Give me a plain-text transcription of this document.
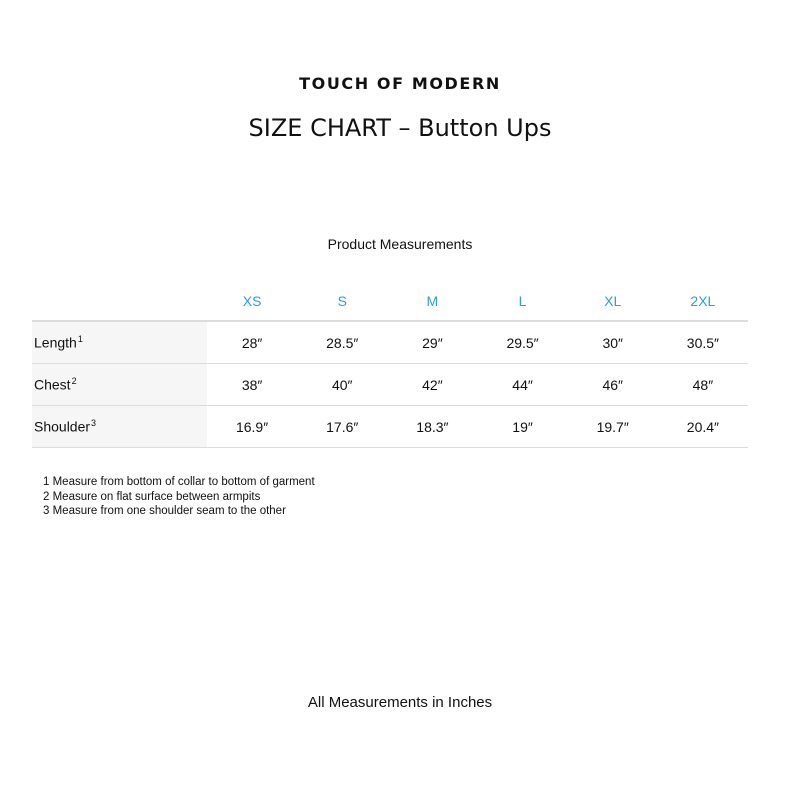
TOUCH OF MODERN
SIZE CHART – Button Ups
Product Measurements
	XS	S	M	L	XL	2XL
Length$^1$	28″	28.5″	29″	29.5″	30″	30.5″
Chest$^2$	38″	40″	42″	44″	46″	48″
Shoulder$^3$	16.9″	17.6″	18.3″	19″	19.7″	20.4″
1 Measure from bottom of collar to bottom of garment
2 Measure on flat surface between armpits
3 Measure from one shoulder seam to the other
All Measurements in Inches
